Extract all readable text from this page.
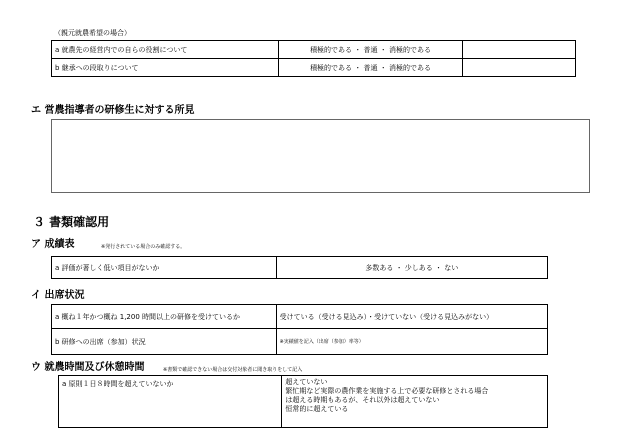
（親元就農希望の場合）
a 就農先の経営内での自らの役割について	積極的である ・ 普通 ・ 消極的である	
b 継承への段取りについて	積極的である ・ 普通 ・ 消極的である	
エ 営農指導者の研修生に対する所見
３ 書類確認用
ア 成績表	※発行されている場合のみ確認する。
a 評価が著しく低い項目がないか	多数ある ・ 少しある ・ ない
イ 出席状況
a 概ね１年かつ概ね 1,200 時間以上の研修を受けているか	受けている（受ける見込み）・受けていない（受ける見込みがない）
b 研修への出席（参加）状況	※実績値を記入（出席（参加）率等）
ウ 就農時間及び休憩時間	※書類で確認できない場合は交付対象者に聞き取りをして記入
a 原則１日８時間を超えていないか	超えていない
繁忙期など実際の農作業を実施する上で必要な研修とされる場合
は超える時期もあるが、それ以外は超えていない
恒常的に超えている
